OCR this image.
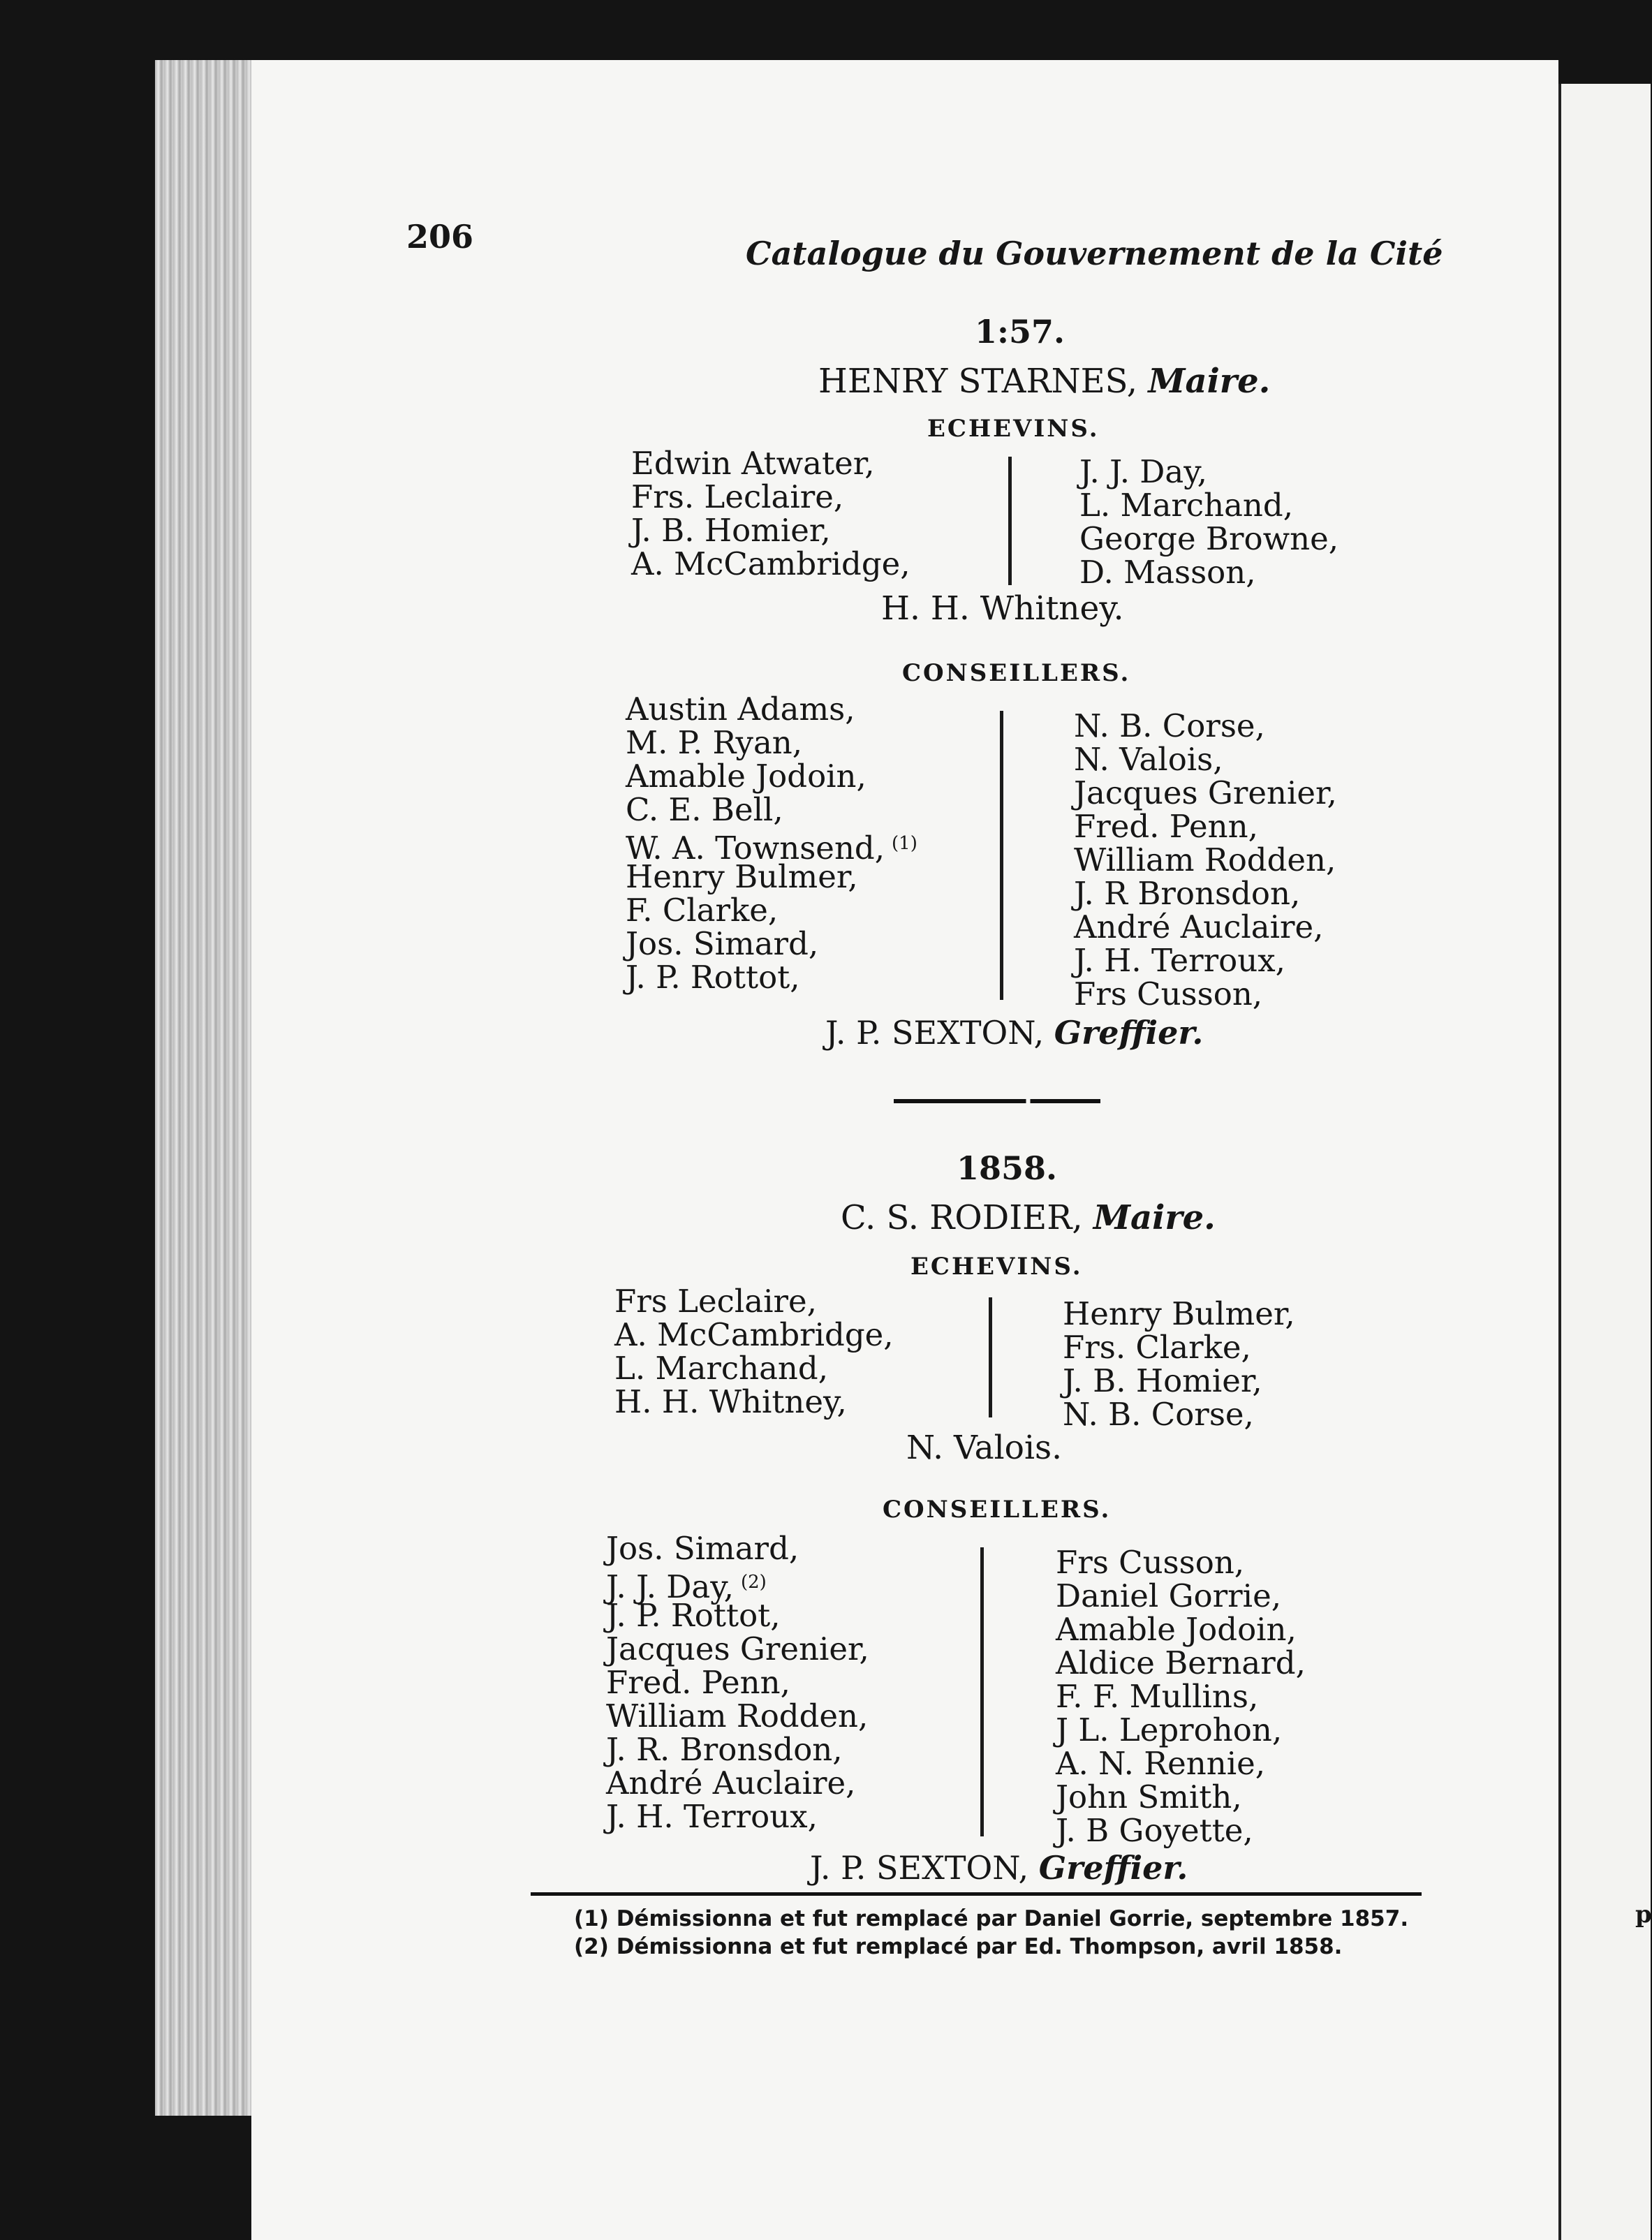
p
206	Catalogue du Gouvernement de la Cité
1:57.
HENRY STARNES, Maire.
ECHEVINS.
Edwin Atwater,
Frs. Leclaire,
J. B. Homier,
A. McCambridge,
J. J. Day,
L. Marchand,
George Browne,
D. Masson,
H. H. Whitney.
CONSEILLERS.
Austin Adams,
M. P. Ryan,
Amable Jodoin,
C. E. Bell,
W. A. Townsend, $^{(1)}$
Henry Bulmer,
F. Clarke,
Jos. Simard,
J. P. Rottot,
N. B. Corse,
N. Valois,
Jacques Grenier,
Fred. Penn,
William Rodden,
J. R Bronsdon,
André Auclaire,
J. H. Terroux,
Frs Cusson,
J. P. SEXTON, Greffier.
1858.
C. S. RODIER, Maire.
ECHEVINS.
Frs Leclaire,
A. McCambridge,
L. Marchand,
H. H. Whitney,
Henry Bulmer,
Frs. Clarke,
J. B. Homier,
N. B. Corse,
N. Valois.
CONSEILLERS.
Jos. Simard,
J. J. Day, $^{(2)}$
J. P. Rottot,
Jacques Grenier,
Fred. Penn,
William Rodden,
J. R. Bronsdon,
André Auclaire,
J. H. Terroux,
Frs Cusson,
Daniel Gorrie,
Amable Jodoin,
Aldice Bernard,
F. F. Mullins,
J L. Leprohon,
A. N. Rennie,
John Smith,
J. B Goyette,
J. P. SEXTON, Greffier.
(1) Démissionna et fut remplacé par Daniel Gorrie, septembre 1857.
(2) Démissionna et fut remplacé par Ed. Thompson, avril 1858.
